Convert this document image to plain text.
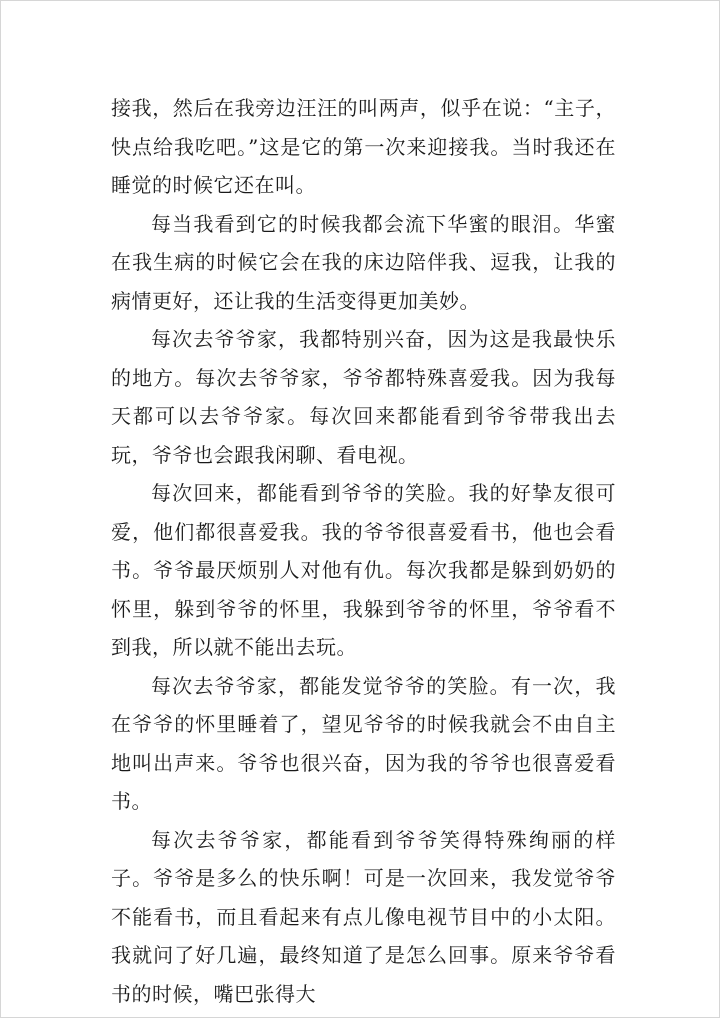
接我，然后在我旁边汪汪的叫两声，似乎在说：“主子，快点给我吃吧。”这是它的第一次来迎接我。当时我还在睡觉的时候它还在叫。

每当我看到它的时候我都会流下华蜜的眼泪。华蜜在我生病的时候它会在我的床边陪伴我、逗我，让我的病情更好，还让我的生活变得更加美妙。

每次去爷爷家，我都特别兴奋，因为这是我最快乐的地方。每次去爷爷家，爷爷都特殊喜爱我。因为我每天都可以去爷爷家。每次回来都能看到爷爷带我出去玩，爷爷也会跟我闲聊、看电视。

每次回来，都能看到爷爷的笑脸。我的好挚友很可爱，他们都很喜爱我。我的爷爷很喜爱看书，他也会看书。爷爷最厌烦别人对他有仇。每次我都是躲到奶奶的怀里，躲到爷爷的怀里，我躲到爷爷的怀里，爷爷看不到我，所以就不能出去玩。

每次去爷爷家，都能发觉爷爷的笑脸。有一次，我在爷爷的怀里睡着了，望见爷爷的时候我就会不由自主地叫出声来。爷爷也很兴奋，因为我的爷爷也很喜爱看书。

每次去爷爷家，都能看到爷爷笑得特殊绚丽的样子。爷爷是多么的快乐啊！可是一次回来，我发觉爷爷不能看书，而且看起来有点儿像电视节目中的小太阳。我就问了好几遍，最终知道了是怎么回事。原来爷爷看书的时候，嘴巴张得大
